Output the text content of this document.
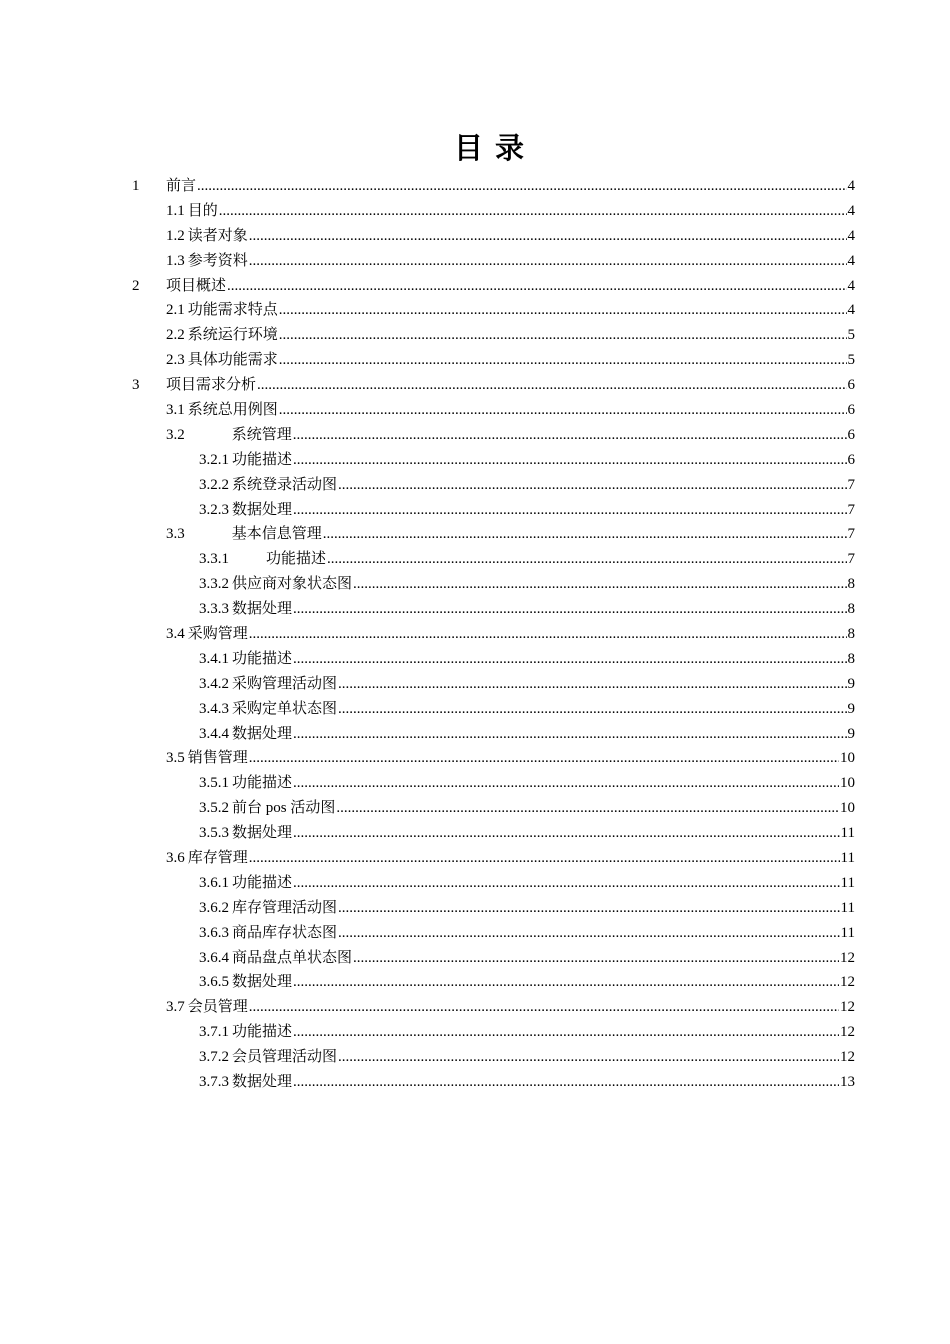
目录
1	前言 .....	4
1.1 目的 .....	4
1.2 读者对象 .....	4
1.3 参考资料 .....	4
2	项目概述 .....	4
2.1 功能需求特点 .....	4
2.2 系统运行环境 .....	5
2.3 具体功能需求 .....	5
3	项目需求分析 .....	6
3.1 系统总用例图 .....	6
3.2	系统管理 .....	6
3.2.1 功能描述 .....	6
3.2.2 系统登录活动图 .....	7
3.2.3 数据处理 .....	7
3.3	基本信息管理 .....	7
3.3.1 功能描述 .....	7
3.3.2 供应商对象状态图 .....	8
3.3.3 数据处理 .....	8
3.4 采购管理 .....	8
3.4.1 功能描述 .....	8
3.4.2 采购管理活动图 .....	9
3.4.3 采购定单状态图 .....	9
3.4.4 数据处理 .....	9
3.5 销售管理 .....	10
3.5.1 功能描述 .....	10
3.5.2 前台 pos 活动图 .....	10
3.5.3 数据处理 .....	11
3.6 库存管理 .....	11
3.6.1 功能描述 .....	11
3.6.2 库存管理活动图 .....	11
3.6.3 商品库存状态图 .....	11
3.6.4 商品盘点单状态图 .....	12
3.6.5 数据处理 .....	12
3.7 会员管理 .....	12
3.7.1 功能描述 .....	12
3.7.2 会员管理活动图 .....	12
3.7.3 数据处理 .....	13
